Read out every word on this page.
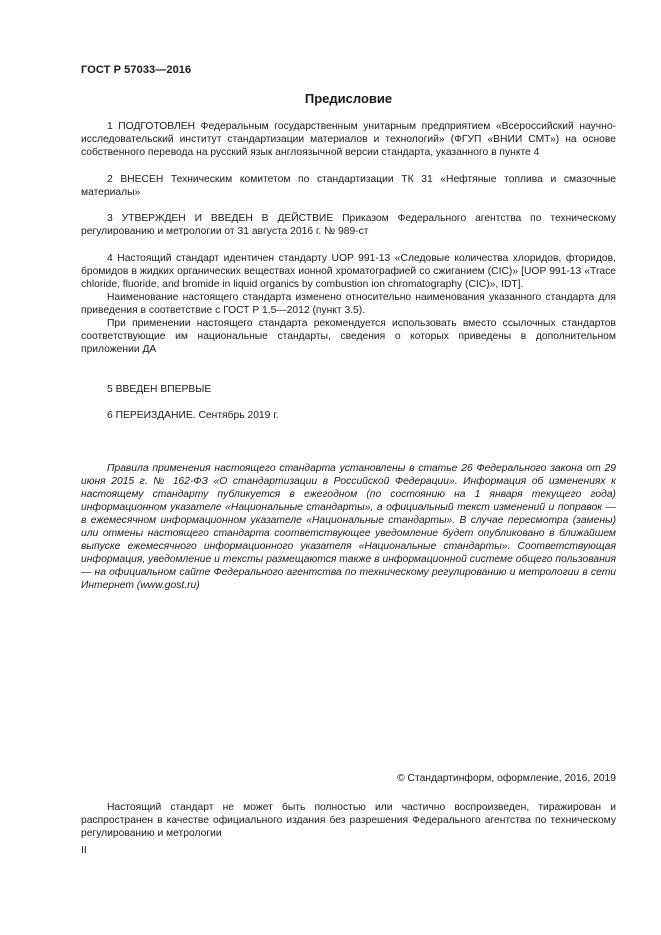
ГОСТ Р 57033—2016
Предисловие

1 ПОДГОТОВЛЕН Федеральным государственным унитарным предприятием «Всероссийский научно-исследовательский институт стандартизации материалов и технологий» (ФГУП «ВНИИ СМТ») на основе собственного перевода на русский язык англоязычной версии стандарта, указанного в пункте 4

2 ВНЕСЕН Техническим комитетом по стандартизации ТК 31 «Нефтяные топлива и смазочные материалы»

3 УТВЕРЖДЕН И ВВЕДЕН В ДЕЙСТВИЕ Приказом Федерального агентства по техническому регулированию и метрологии от 31 августа 2016 г. № 989-ст

4 Настоящий стандарт идентичен стандарту UOP 991-13 «Следовые количества хлоридов, фторидов, бромидов в жидких органических веществах ионной хроматографией со сжиганием (CIC)» [UOP 991-13 «Trace chloride, fluoride, and bromide in liquid organics by combustion ion chromatography (CIC)», IDT].

Наименование настоящего стандарта изменено относительно наименования указанного стандарта для приведения в соответствие с ГОСТ Р 1.5—2012 (пункт 3.5).

При применении настоящего стандарта рекомендуется использовать вместо ссылочных стандартов соответствующие им национальные стандарты, сведения о которых приведены в дополнительном приложении ДА

5 ВВЕДЕН ВПЕРВЫЕ

6 ПЕРЕИЗДАНИЕ. Сентябрь 2019 г.

Правила применения настоящего стандарта установлены в статье 26 Федерального закона от 29 июня 2015 г. № 162-ФЗ «О стандартизации в Российской Федерации». Информация об изменениях к настоящему стандарту публикуется в ежегодном (по состоянию на 1 января текущего года) информационном указателе «Национальные стандарты», а официальный текст изменений и поправок — в ежемесячном информационном указателе «Национальные стандарты». В случае пересмотра (замены) или отмены настоящего стандарта соответствующее уведомление будет опубликовано в ближайшем выпуске ежемесячного информационного указателя «Национальные стандарты». Соответствующая информация, уведомление и тексты размещаются также в информационной системе общего пользования — на официальном сайте Федерального агентства по техническому регулированию и метрологии в сети Интернет (www.gost.ru)

© Стандартинформ, оформление, 2016, 2019

Настоящий стандарт не может быть полностью или частично воспроизведен, тиражирован и распространен в качестве официального издания без разрешения Федерального агентства по техническому регулированию и метрологии

II
